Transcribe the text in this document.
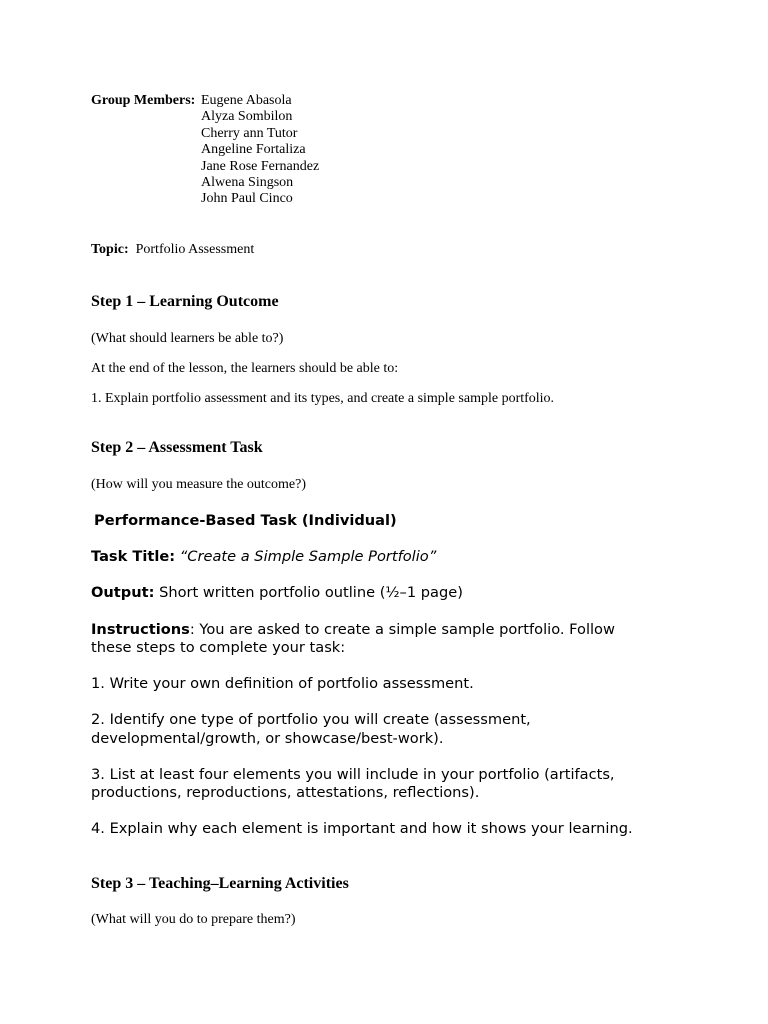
Group Members: Eugene Abasola
Alyza Sombilon
Cherry ann Tutor
Angeline Fortaliza
Jane Rose Fernandez
Alwena Singson
John Paul Cinco
Topic: Portfolio Assessment
Step 1 – Learning Outcome
(What should learners be able to?)
At the end of the lesson, the learners should be able to:
1. Explain portfolio assessment and its types, and create a simple sample portfolio.
Step 2 – Assessment Task
(How will you measure the outcome?)
Performance-Based Task (Individual)
Task Title: “Create a Simple Sample Portfolio”
Output: Short written portfolio outline (½–1 page)
Instructions: You are asked to create a simple sample portfolio. Follow
these steps to complete your task:
1. Write your own definition of portfolio assessment.
2. Identify one type of portfolio you will create (assessment,
developmental/growth, or showcase/best-work).
3. List at least four elements you will include in your portfolio (artifacts,
productions, reproductions, attestations, reflections).
4. Explain why each element is important and how it shows your learning.
Step 3 – Teaching–Learning Activities
(What will you do to prepare them?)
